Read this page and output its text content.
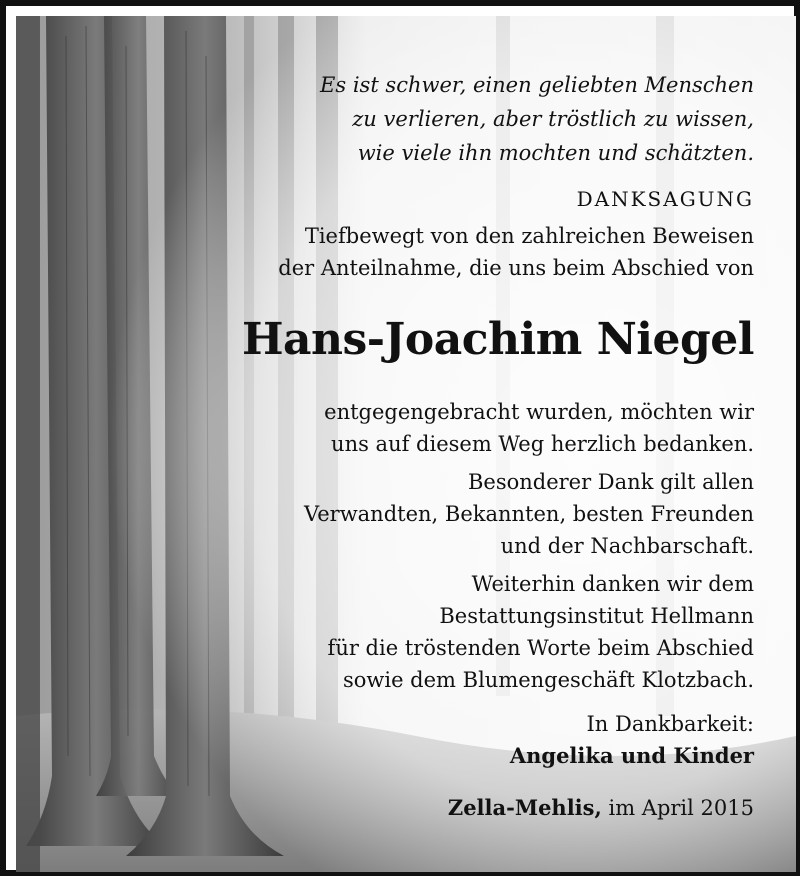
Es ist schwer, einen geliebten Menschen
zu verlieren, aber tröstlich zu wissen,
wie viele ihn mochten und schätzten.
DANKSAGUNG
Tiefbewegt von den zahlreichen Beweisen
der Anteilnahme, die uns beim Abschied von
Hans-Joachim Niegel
entgegengebracht wurden, möchten wir
uns auf diesem Weg herzlich bedanken.
Besonderer Dank gilt allen
Verwandten, Bekannten, besten Freunden
und der Nachbarschaft.
Weiterhin danken wir dem
Bestattungsinstitut Hellmann
für die tröstenden Worte beim Abschied
sowie dem Blumengeschäft Klotzbach.
In Dankbarkeit:
Angelika und Kinder
Zella-Mehlis, im April 2015
